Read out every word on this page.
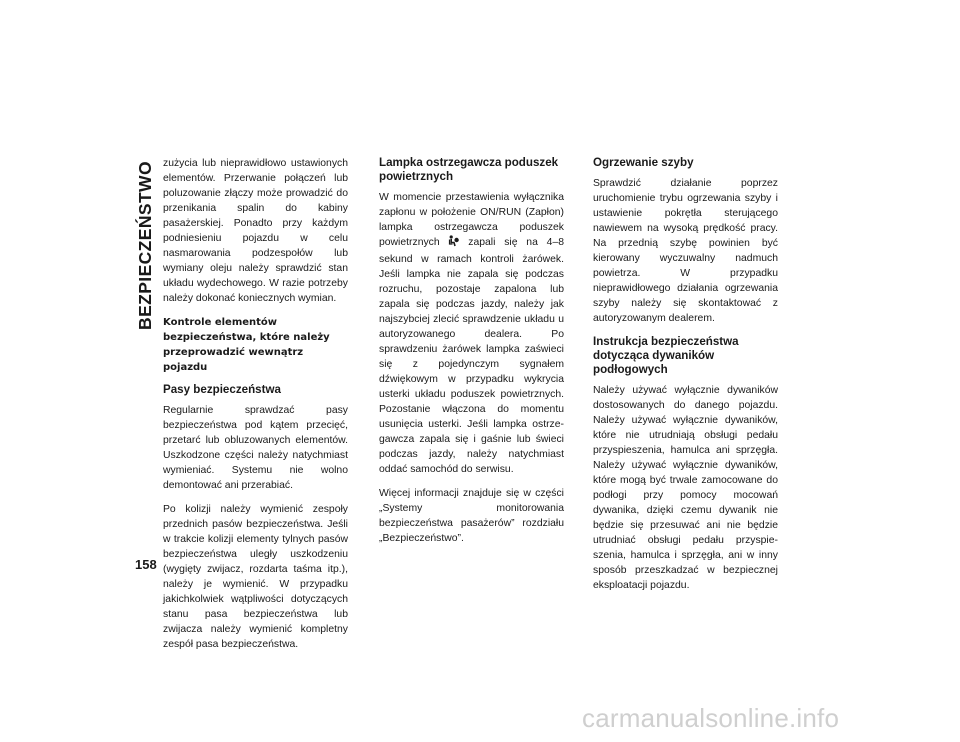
BEZPIECZEŃSTWO
158

zużycia lub nieprawidłowo ustawionych elementów. Przerwanie połączeń lub poluzowanie złączy może prowadzić do przenikania spalin do kabiny pasażerskiej. Ponadto przy każdym podniesieniu pojazdu w celu nasmarowania podzespołów lub wymiany oleju należy sprawdzić stan układu wydechowego. W razie potrzeby należy dokonać koniecznych wymian.

Kontrole elementów bezpieczeństwa, które należy przeprowadzić wewnątrz pojazdu
Pasy bezpieczeństwa

Regularnie sprawdzać pasy bezpieczeństwa pod kątem przecięć, przetarć lub obluzowanych elementów. Uszkodzone części należy natychmiast wymieniać. Systemu nie wolno demontować ani przerabiać.

Po kolizji należy wymienić zespoły przednich pasów bezpieczeństwa. Jeśli w trakcie kolizji elementy tylnych pasów bezpieczeństwa uległy uszkodzeniu (wygięty zwijacz, rozdarta taśma itp.), należy je wymienić. W przypadku jakichkolwiek wątpliwości dotyczących stanu pasa bezpieczeństwa lub zwijacza należy wymienić kompletny zespół pasa bezpieczeństwa.

Lampka ostrzegawcza poduszek powietrznych

W momencie przestawienia wyłącznika zapłonu w położenie ON/RUN (Zapłon) lampka ostrzegawcza poduszek powietrznych  zapali się na 4–8 sekund w ramach kontroli żarówek. Jeśli lampka nie zapala się podczas rozruchu, pozostaje zapalona lub zapala się podczas jazdy, należy jak najszybciej zlecić sprawdzenie układu u autoryzowanego dealera. Po sprawdzeniu żarówek lampka zaświeci się z pojedynczym sygnałem dźwiękowym w przypadku wykrycia usterki układu poduszek powietrznych. Pozostanie włączona do momentu usunięcia usterki. Jeśli lampka ostrzegawcza zapala się i gaśnie lub świeci podczas jazdy, należy natychmiast oddać samochód do serwisu.

Więcej informacji znajduje się w części „Systemy monitorowania bezpieczeństwa pasażerów” rozdziału „Bezpieczeństwo”.

Ogrzewanie szyby

Sprawdzić działanie poprzez uruchomienie trybu ogrzewania szyby i ustawienie pokrętła sterującego nawiewem na wysoką prędkość pracy. Na przednią szybę powinien być kierowany wyczuwalny nadmuch powietrza. W przypadku nieprawidłowego działania ogrzewania szyby należy się skontaktować z autoryzowanym dealerem.

Instrukcja bezpieczeństwa dotycząca dywaników podłogowych

Należy używać wyłącznie dywaników dostosowanych do danego pojazdu. Należy używać wyłącznie dywaników, które nie utrudniają obsługi pedału przyspieszenia, hamulca ani sprzęgła. Należy używać wyłącznie dywaników, które mogą być trwale zamocowane do podłogi przy pomocy mocowań dywanika, dzięki czemu dywanik nie będzie się przesuwać ani nie będzie utrudniać obsługi pedału przyspieszenia, hamulca i sprzęgła, ani w inny sposób przeszkadzać w bezpiecznej eksploatacji pojazdu.

carmanualsonline.info
